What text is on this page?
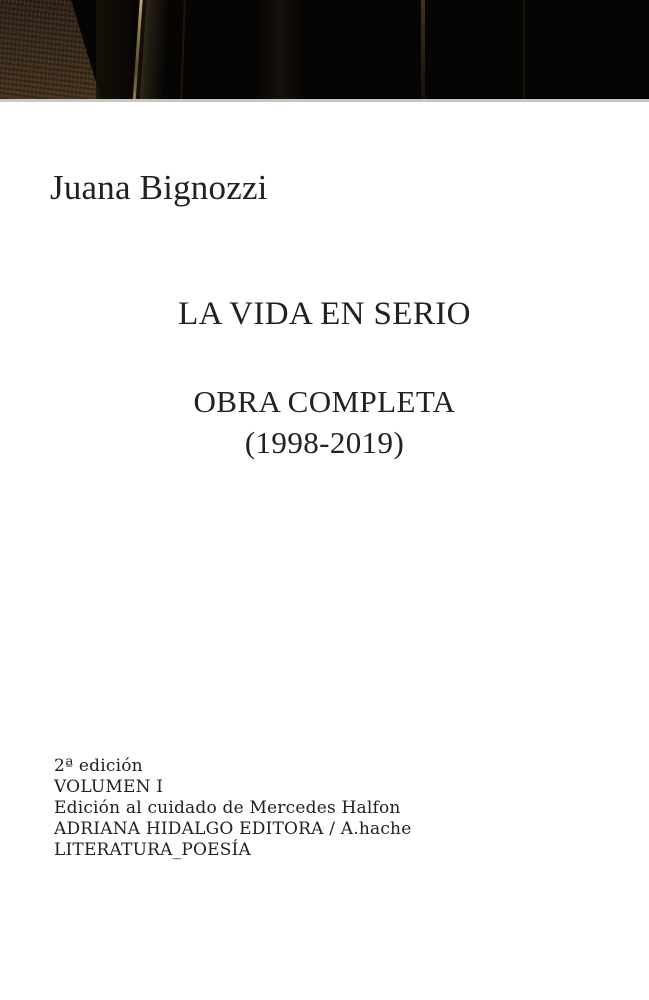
Juana Bignozzi
LA VIDA EN SERIO
OBRA COMPLETA
(1998-2019)
2ª edición
VOLUMEN I
Edición al cuidado de Mercedes Halfon
ADRIANA HIDALGO EDITORA / A.hache
LITERATURA_POESÍA
